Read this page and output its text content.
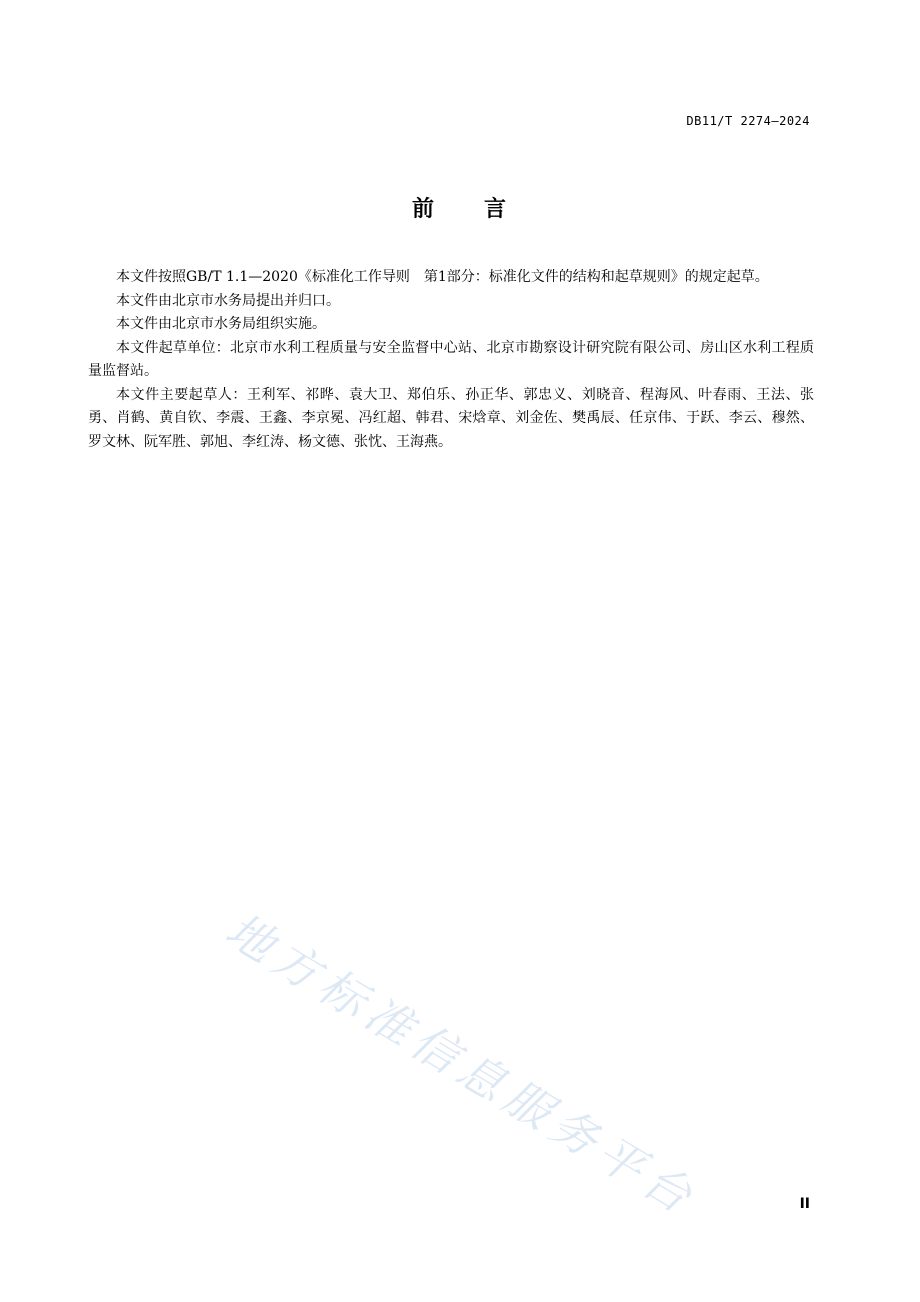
DB11/T 2274—2024
前 言

本文件按照GB/T 1.1—2020《标准化工作导则　第1部分：标准化文件的结构和起草规则》的规定起草。

本文件由北京市水务局提出并归口。

本文件由北京市水务局组织实施。

本文件起草单位：北京市水利工程质量与安全监督中心站、北京市勘察设计研究院有限公司、房山区水利工程质量监督站。

本文件主要起草人：王利军、祁晔、袁大卫、郑伯乐、孙正华、郭忠义、刘晓音、程海风、叶春雨、王法、张勇、肖鹤、黄自钦、李震、王鑫、李京冕、冯红超、韩君、宋焓章、刘金佐、樊禹辰、任京伟、于跃、李云、穆然、罗文林、阮军胜、郭旭、李红涛、杨文德、张忱、王海燕。

地方标准信息服务平台	II
